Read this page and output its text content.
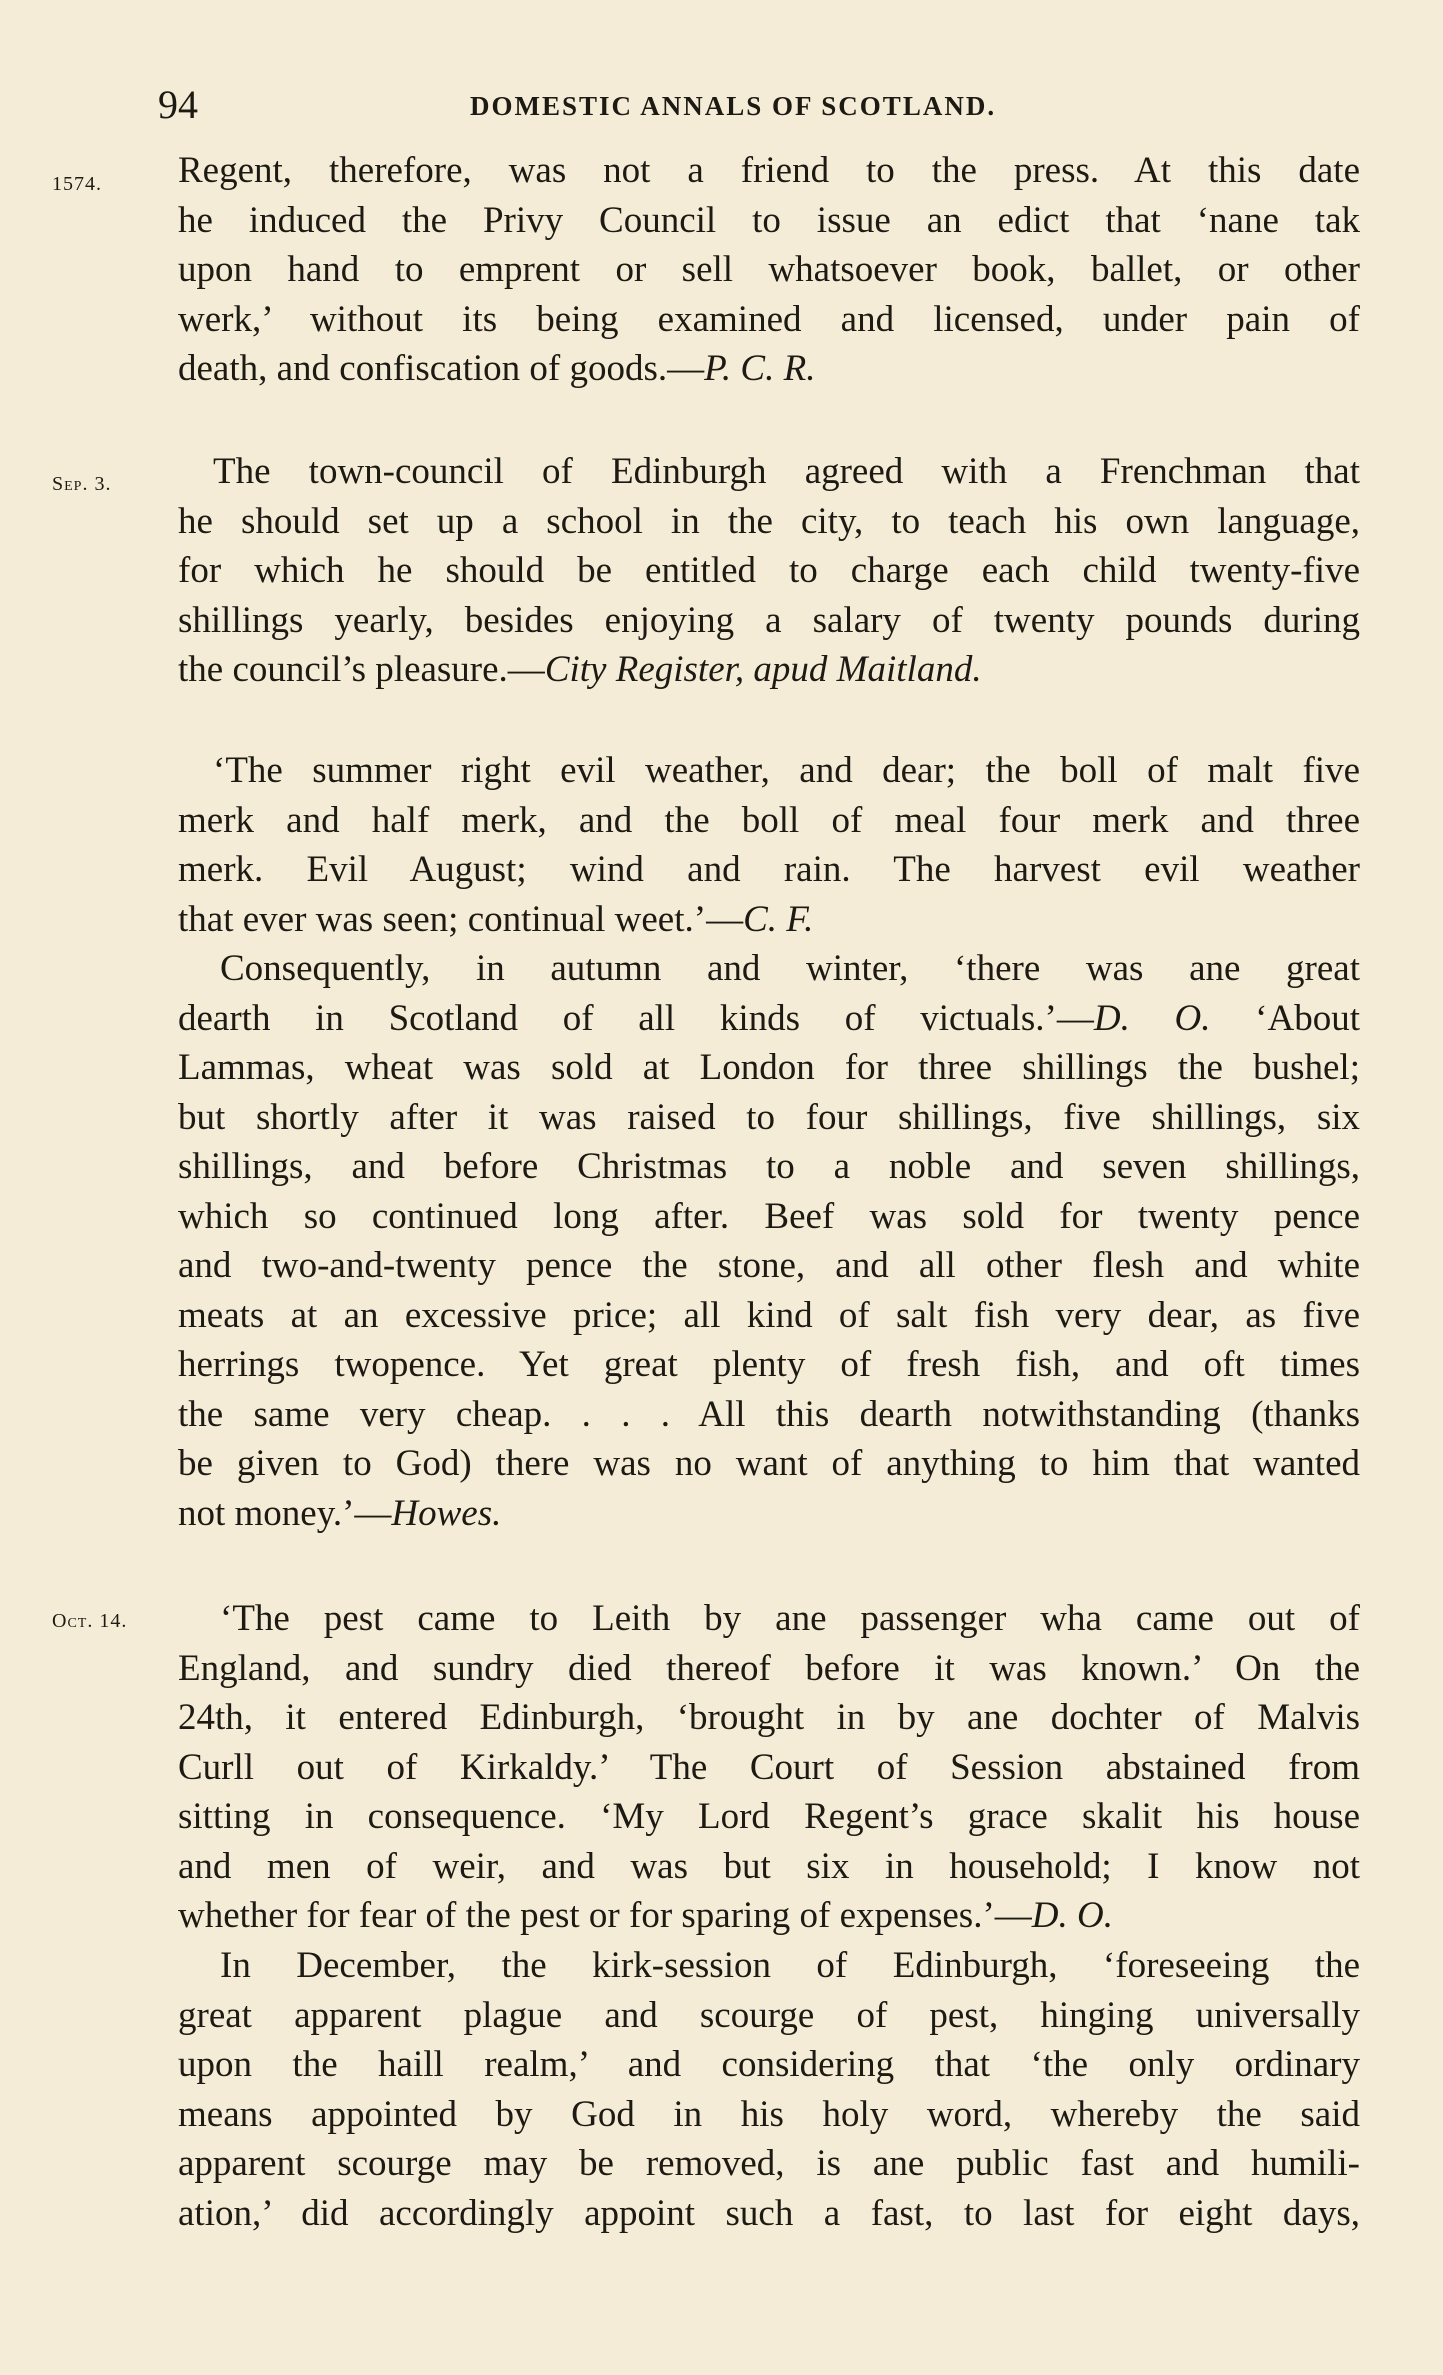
94	DOMESTIC ANNALS OF SCOTLAND.
1574.
Sep. 3.
Oct. 14.
Regent, therefore, was not a friend to the press. At this date
he induced the Privy Council to issue an edict that ‘nane tak
upon hand to emprent or sell whatsoever book, ballet, or other
werk,’ without its being examined and licensed, under pain of
death, and confiscation of goods.—P. C. R.
The town-council of Edinburgh agreed with a Frenchman that
he should set up a school in the city, to teach his own language,
for which he should be entitled to charge each child twenty-five
shillings yearly, besides enjoying a salary of twenty pounds during
the council’s pleasure.—City Register, apud Maitland.
‘The summer right evil weather, and dear; the boll of malt five
merk and half merk, and the boll of meal four merk and three
merk. Evil August; wind and rain. The harvest evil weather
that ever was seen; continual weet.’—C. F.
Consequently, in autumn and winter, ‘there was ane great
dearth in Scotland of all kinds of victuals.’—D. O. ‘About
Lammas, wheat was sold at London for three shillings the bushel;
but shortly after it was raised to four shillings, five shillings, six
shillings, and before Christmas to a noble and seven shillings,
which so continued long after. Beef was sold for twenty pence
and two-and-twenty pence the stone, and all other flesh and white
meats at an excessive price; all kind of salt fish very dear, as five
herrings twopence. Yet great plenty of fresh fish, and oft times
the same very cheap. . . . All this dearth notwithstanding (thanks
be given to God) there was no want of anything to him that wanted
not money.’—Howes.
‘The pest came to Leith by ane passenger wha came out of
England, and sundry died thereof before it was known.’ On the
24th, it entered Edinburgh, ‘brought in by ane dochter of Malvis
Curll out of Kirkaldy.’ The Court of Session abstained from
sitting in consequence. ‘My Lord Regent’s grace skalit his house
and men of weir, and was but six in household; I know not
whether for fear of the pest or for sparing of expenses.’—D. O.
In December, the kirk-session of Edinburgh, ‘foreseeing the
great apparent plague and scourge of pest, hinging universally
upon the haill realm,’ and considering that ‘the only ordinary
means appointed by God in his holy word, whereby the said
apparent scourge may be removed, is ane public fast and humili-
ation,’ did accordingly appoint such a fast, to last for eight days,
